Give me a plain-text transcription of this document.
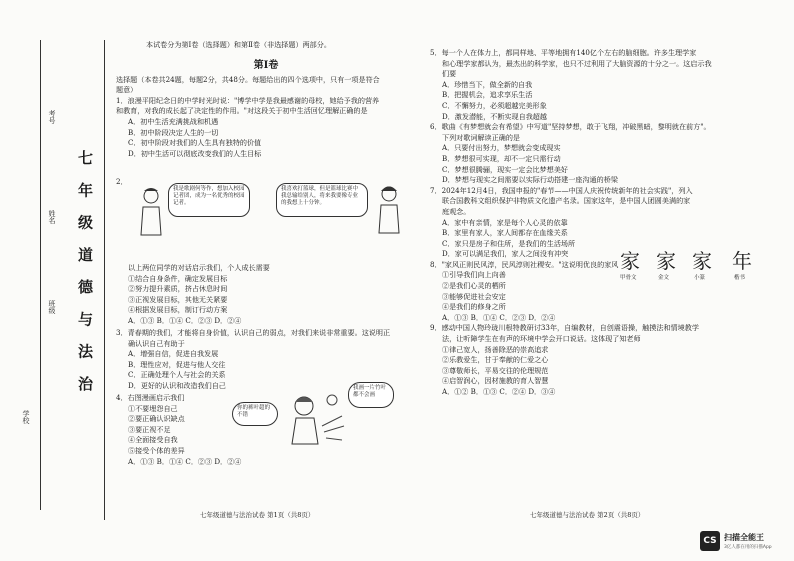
学校
班级
姓名
考号
七 年 级 道 德 与 法 治

本试卷分为第Ⅰ卷（选择题）和第Ⅱ卷（非选择题）两部分。

第Ⅰ卷

选择题（本卷共24题，每题2分，共48分。每题给出的四个选项中，只有一项是符合

题意）

1．浪漫平阳纪念日的中学时光时说："博学中学是我最感谢的母校，她给予我的营养

和教育，对我的成长起了决定性的作用。"对这段关于初中生活回忆理解正确的是

A．初中生活充满挑战和机遇

B．初中阶段决定人生的一切

C．初中阶段对我们的人生具有独特的价值

D．初中生活可以彻底改变我们的人生目标

2．
我是歌剧何等作，想加入校园记者团，成为一名优秀的校园记者。
我喜欢打篮球，但是篮球比赛中我总输给别人，将来我要像专业的我想上十分钟。

以上两位同学的对话启示我们，个人成长需要

①结合自身条件，确定发展目标

②努力提升素质，挤占休息时间

③正视发展目标，其他无关紧要

④根据发展目标，制订行动方案

A．①③ B．①④ C．②③ D．②④

3．青春期的我们，才能将自身价值，认识自己的弱点，对我们来说非常重要。这说明正

确认识自己有助于

A．增强自信，促进自我发展

B．理性应对，促进与他人交往

C．正确处理个人与社会的关系

D．更好的认识和改造我们自己

4．右图漫画启示我们

①不要埋怨自己

②要正确认识缺点

③要正视不足

④全面接受自我

⑤接受个体的差异

A．①③ B．①④ C．②③ D．②④

你的裤叶超的不错
我画一片竹叶都不会画
七年级道德与法治试卷 第1页（共8页）

5．每一个人在体力上，都同样地、平等地拥有140亿个左右的脑细胞。许多生理学家

和心理学家都认为，最杰出的科学家，也只不过利用了大脑资源的十分之一。这启示我

们要

A．珍惜当下，做全新的自我

B．把握机会，追求享乐生活

C．不懈努力，必须超越完美形象

D．激发潜能，不断实现自我超越

6．歌曲《有梦想就会有希望》中写道"坚持梦想，敢于飞翔，冲破黑暗，黎明就在前方"。

下列对歌词解读正确的是

A．只要付出努力，梦想就会变成现实

B．梦想很可实现，却不一定只需行动

C．梦想很腾骊，现实一定会比梦想美好

D．梦想与现实之间需要以实际行动搭建一座沟通的桥梁

7．2024年12月4日，我国申报的"春节——中国人庆祝传统新年的社会实践"，列入

联合国教科文组织保护非物质文化遗产名录。国家这年，是中国人团圆美满的家

庭观念。

A．家中有亲情，家是每个人心灵的依靠

B．家里有家人，家人间都存在血缘关系

C．家只是房子和住所，是我们的生活场所

D．家可以满足我们，家人之间没有冲突

8．"家风正则民风淳，民风淳则社稷安。"这说明优良的家风

①引导我们向上向善

②是我们心灵的栖所

③能够促进社会安定

④是我们的修身之所

A．①③ B．①④ C．②③ D．②④

9．感动中国人物玲珑川根特教研讨33年，自编教材，自创震语操，触摸法和情境教学

法，让听障学生在有声的环境中学会开口说话。这体现了知老师

①律己宽人，扬善除恶的崇高追求

②乐教爱生，甘于奉献的仁爱之心

③尊敬师长，平易交往的伦理规范

④启智润心，因材施教的育人智慧

A．①② B．①③ C．②④ D．③④

家 家 家 年
甲骨文	金文	小篆	楷书
七年级道德与法治试卷 第2页（共8页）
CS 扫描全能王
3亿人都在用的扫描App
